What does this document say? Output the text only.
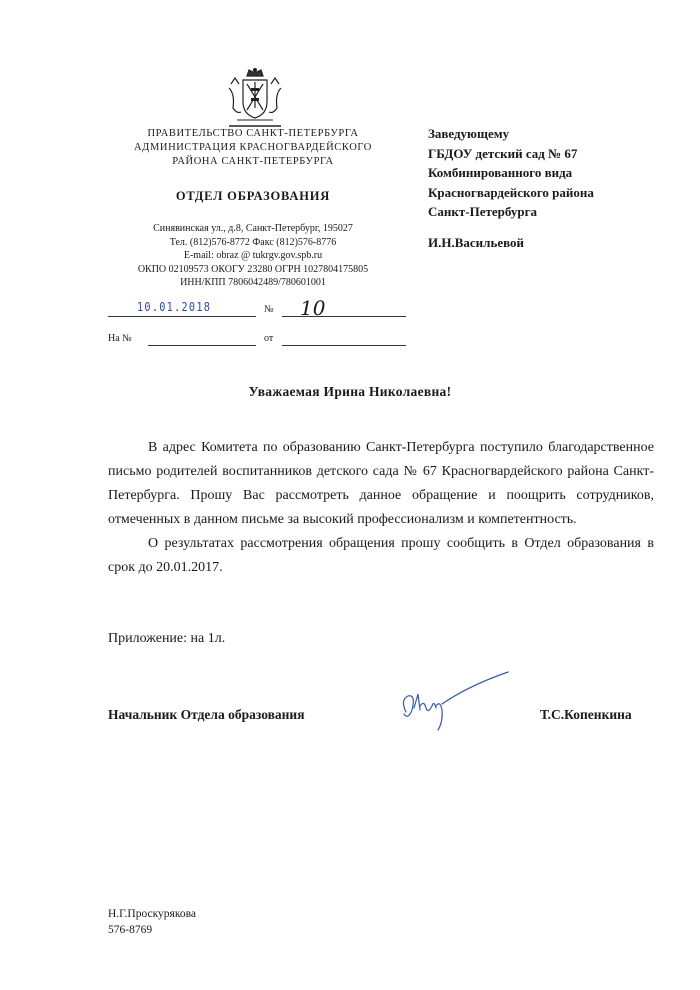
ПРАВИТЕЛЬСТВО САНКТ-ПЕТЕРБУРГА
АДМИНИСТРАЦИЯ КРАСНОГВАРДЕЙСКОГО
РАЙОНА САНКТ-ПЕТЕРБУРГА
ОТДЕЛ ОБРАЗОВАНИЯ
Синявинская ул., д.8, Санкт-Петербург, 195027
Тел. (812)576-8772 Факс (812)576-8776
E-mail: obraz @ tukrgv.gov.spb.ru
ОКПО 02109573 ОКОГУ 23280 ОГРН 1027804175805
ИНН/КПП 7806042489/780601001
10.01.2018	№ 10
На №	от
Заведующему
ГБДОУ детский сад № 67
Комбинированного вида
Красногвардейского района
Санкт-Петербурга
И.Н.Васильевой
Уважаемая Ирина Николаевна!

В адрес Комитета по образованию Санкт-Петербурга поступило благодарственное письмо родителей воспитанников детского сада № 67 Красногвардейского района Санкт-Петербурга. Прошу Вас рассмотреть данное обращение и поощрить сотрудников, отмеченных в данном письме за высокий профессионализм и компетентность.

О результатах рассмотрения обращения прошу сообщить в Отдел образования в срок до 20.01.2017.

Приложение: на 1л.
Начальник Отдела образования	Т.С.Копенкина
Н.Г.Проскурякова
576-8769
